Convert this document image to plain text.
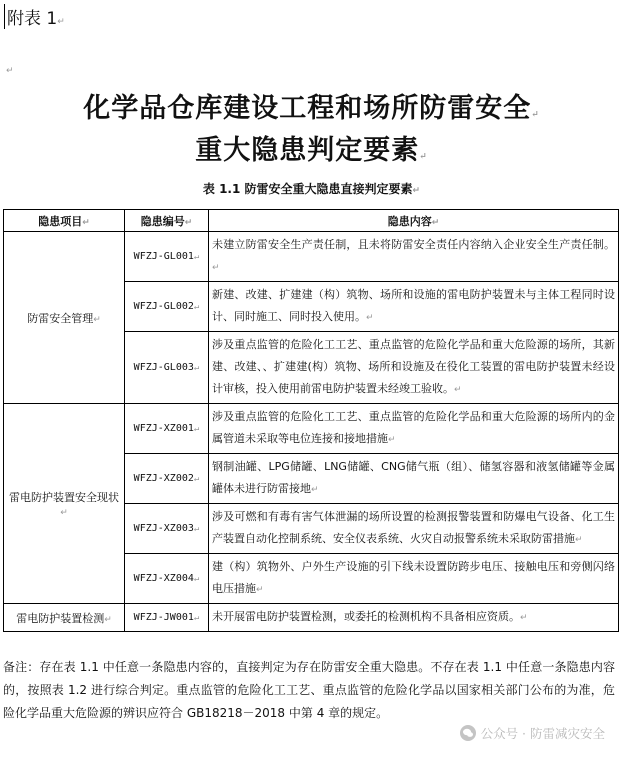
附表 1↵
↵
化学品仓库建设工程和场所防雷安全↵
重大隐患判定要素↵
表 1.1 防雷安全重大隐患直接判定要素↵
隐患项目↵	隐患编号↵	隐患内容↵
防雷安全管理↵	WFZJ-GL001↵	未建立防雷安全生产责任制，且未将防雷安全责任内容纳入企业安全生产责任制。↵
	WFZJ-GL002↵	新建、改建、扩建建（构）筑物、场所和设施的雷电防护装置未与主体工程同时设计、同时施工、同时投入使用。↵
	WFZJ-GL003↵	涉及重点监管的危险化工工艺、重点监管的危险化学品和重大危险源的场所，其新建、改建、、扩建建(构）筑物、场所和设施及在役化工装置的雷电防护装置未经设计审核，投入使用前雷电防护装置未经竣工验收。↵
雷电防护装置安全现状↵	WFZJ-XZ001↵	涉及重点监管的危险化工工艺、重点监管的危险化学品和重大危险源的场所内的金属管道未采取等电位连接和接地措施↵
	WFZJ-XZ002↵	钢制油罐、LPG储罐、LNG储罐、CNG储气瓶（组）、储氢容器和液氢储罐等金属罐体未进行防雷接地↵
	WFZJ-XZ003↵	涉及可燃和有毒有害气体泄漏的场所设置的检测报警装置和防爆电气设备、化工生产装置自动化控制系统、安全仪表系统、火灾自动报警系统未采取防雷措施↵
	WFZJ-XZ004↵	建（构）筑物外、户外生产设施的引下线未设置防跨步电压、接触电压和旁侧闪络电压措施↵
雷电防护装置检测↵	WFZJ-JW001↵	未开展雷电防护装置检测，或委托的检测机构不具备相应资质。↵
备注：存在表 1.1 中任意一条隐患内容的，直接判定为存在防雷安全重大隐患。不存在表 1.1 中任意一条隐患内容的，按照表 1.2 进行综合判定。重点监管的危险化工工艺、重点监管的危险化学品以国家相关部门公布的为准，危险化学品重大危险源的辨识应符合 GB18218－2018 中第 4 章的规定。
公众号 · 防雷减灾安全
